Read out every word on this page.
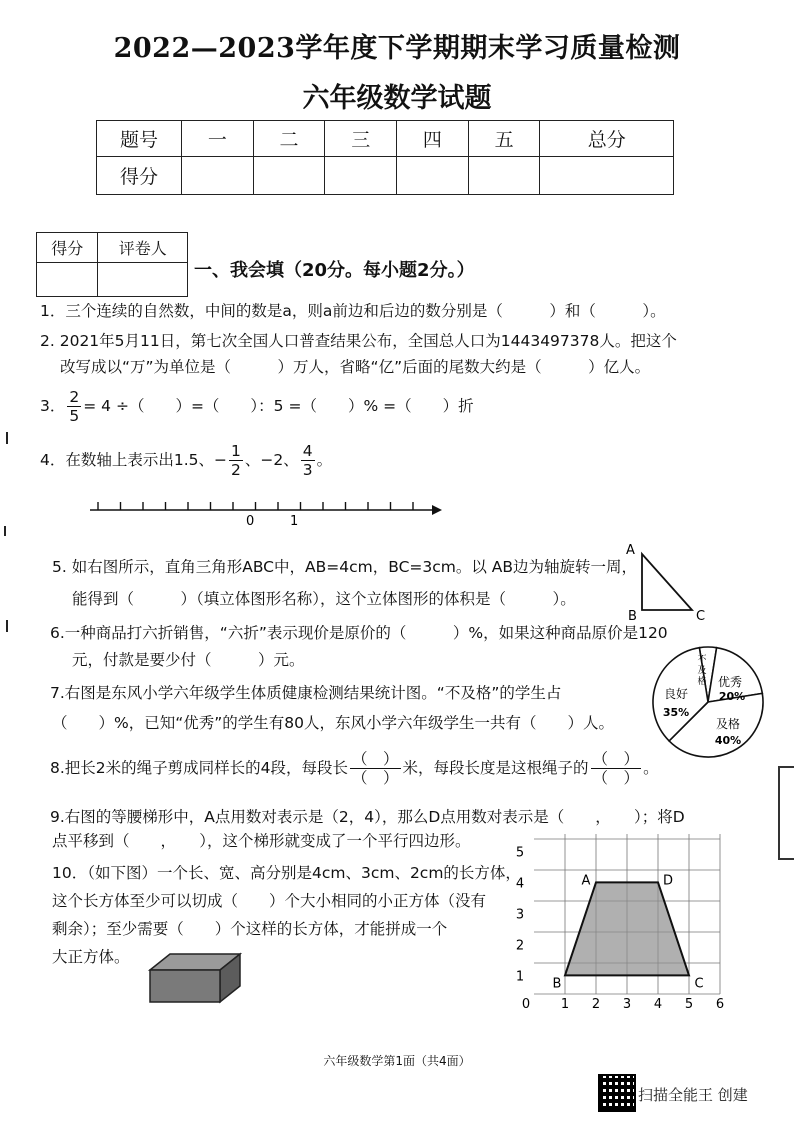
2022—2023学年度下学期期末学习质量检测
六年级数学试题
题号	一	二	三	四	五	总分
得分						
得分	评卷人

一、我会填（20分。每小题2分。）
1．三个连续的自然数，中间的数是a，则a前边和后边的数分别是（　　　）和（　　　）。
2. 2021年5月11日，第七次全国人口普查结果公布，全国总人口为1443497378人。把这个
改写成以“万”为单位是（　　　）万人，省略“亿”后面的尾数大约是（　　　）亿人。
3． $\frac{2}{5} = 4$ ÷（　　）=（　　）：5 =（　　）% =（　　）折
4．在数轴上表示出1.5、− $\frac{1}{2}$ 、−2、 $\frac{4}{3}$ 。
0	1
5. 如右图所示，直角三角形ABC中，AB=4cm，BC=3cm。以 AB边为轴旋转一周，
能得到（　　　）（填立体图形名称），这个立体图形的体积是（　　　）。
A
B	C
6.一种商品打六折销售，“六折”表示现价是原价的（　　　）%，如果这种商品原价是120
元，付款是要少付（　　　）元。
7.右图是东风小学六年级学生体质健康检测结果统计图。“不及格”的学生占
（　　）%，已知“优秀”的学生有80人，东风小学六年级学生一共有（　　）人。
优秀
20%
及格
40%
良好
35%
不
及
格
8.把长2米的绳子剪成同样长的4段，每段长 $\frac{( )}{( )}$ 米，每段长度是这根绳子的 $\frac{( )}{( )}$ 。
9.右图的等腰梯形中，A点用数对表示是（2，4），那么D点用数对表示是（　　，　　）；将D
点平移到（　　，　　），这个梯形就变成了一个平行四边形。
10．（如下图）一个长、宽、高分别是4cm、3cm、2cm的长方体，
这个长方体至少可以切成（　　）个大小相同的小正方体（没有
剩余）；至少需要（　　）个这样的长方体，才能拼成一个
大正方体。
0 1 2 3 4 5 6
1
2
3
4
5
A	D
B	C
六年级数学第1面（共4面）
扫描全能王 创建
